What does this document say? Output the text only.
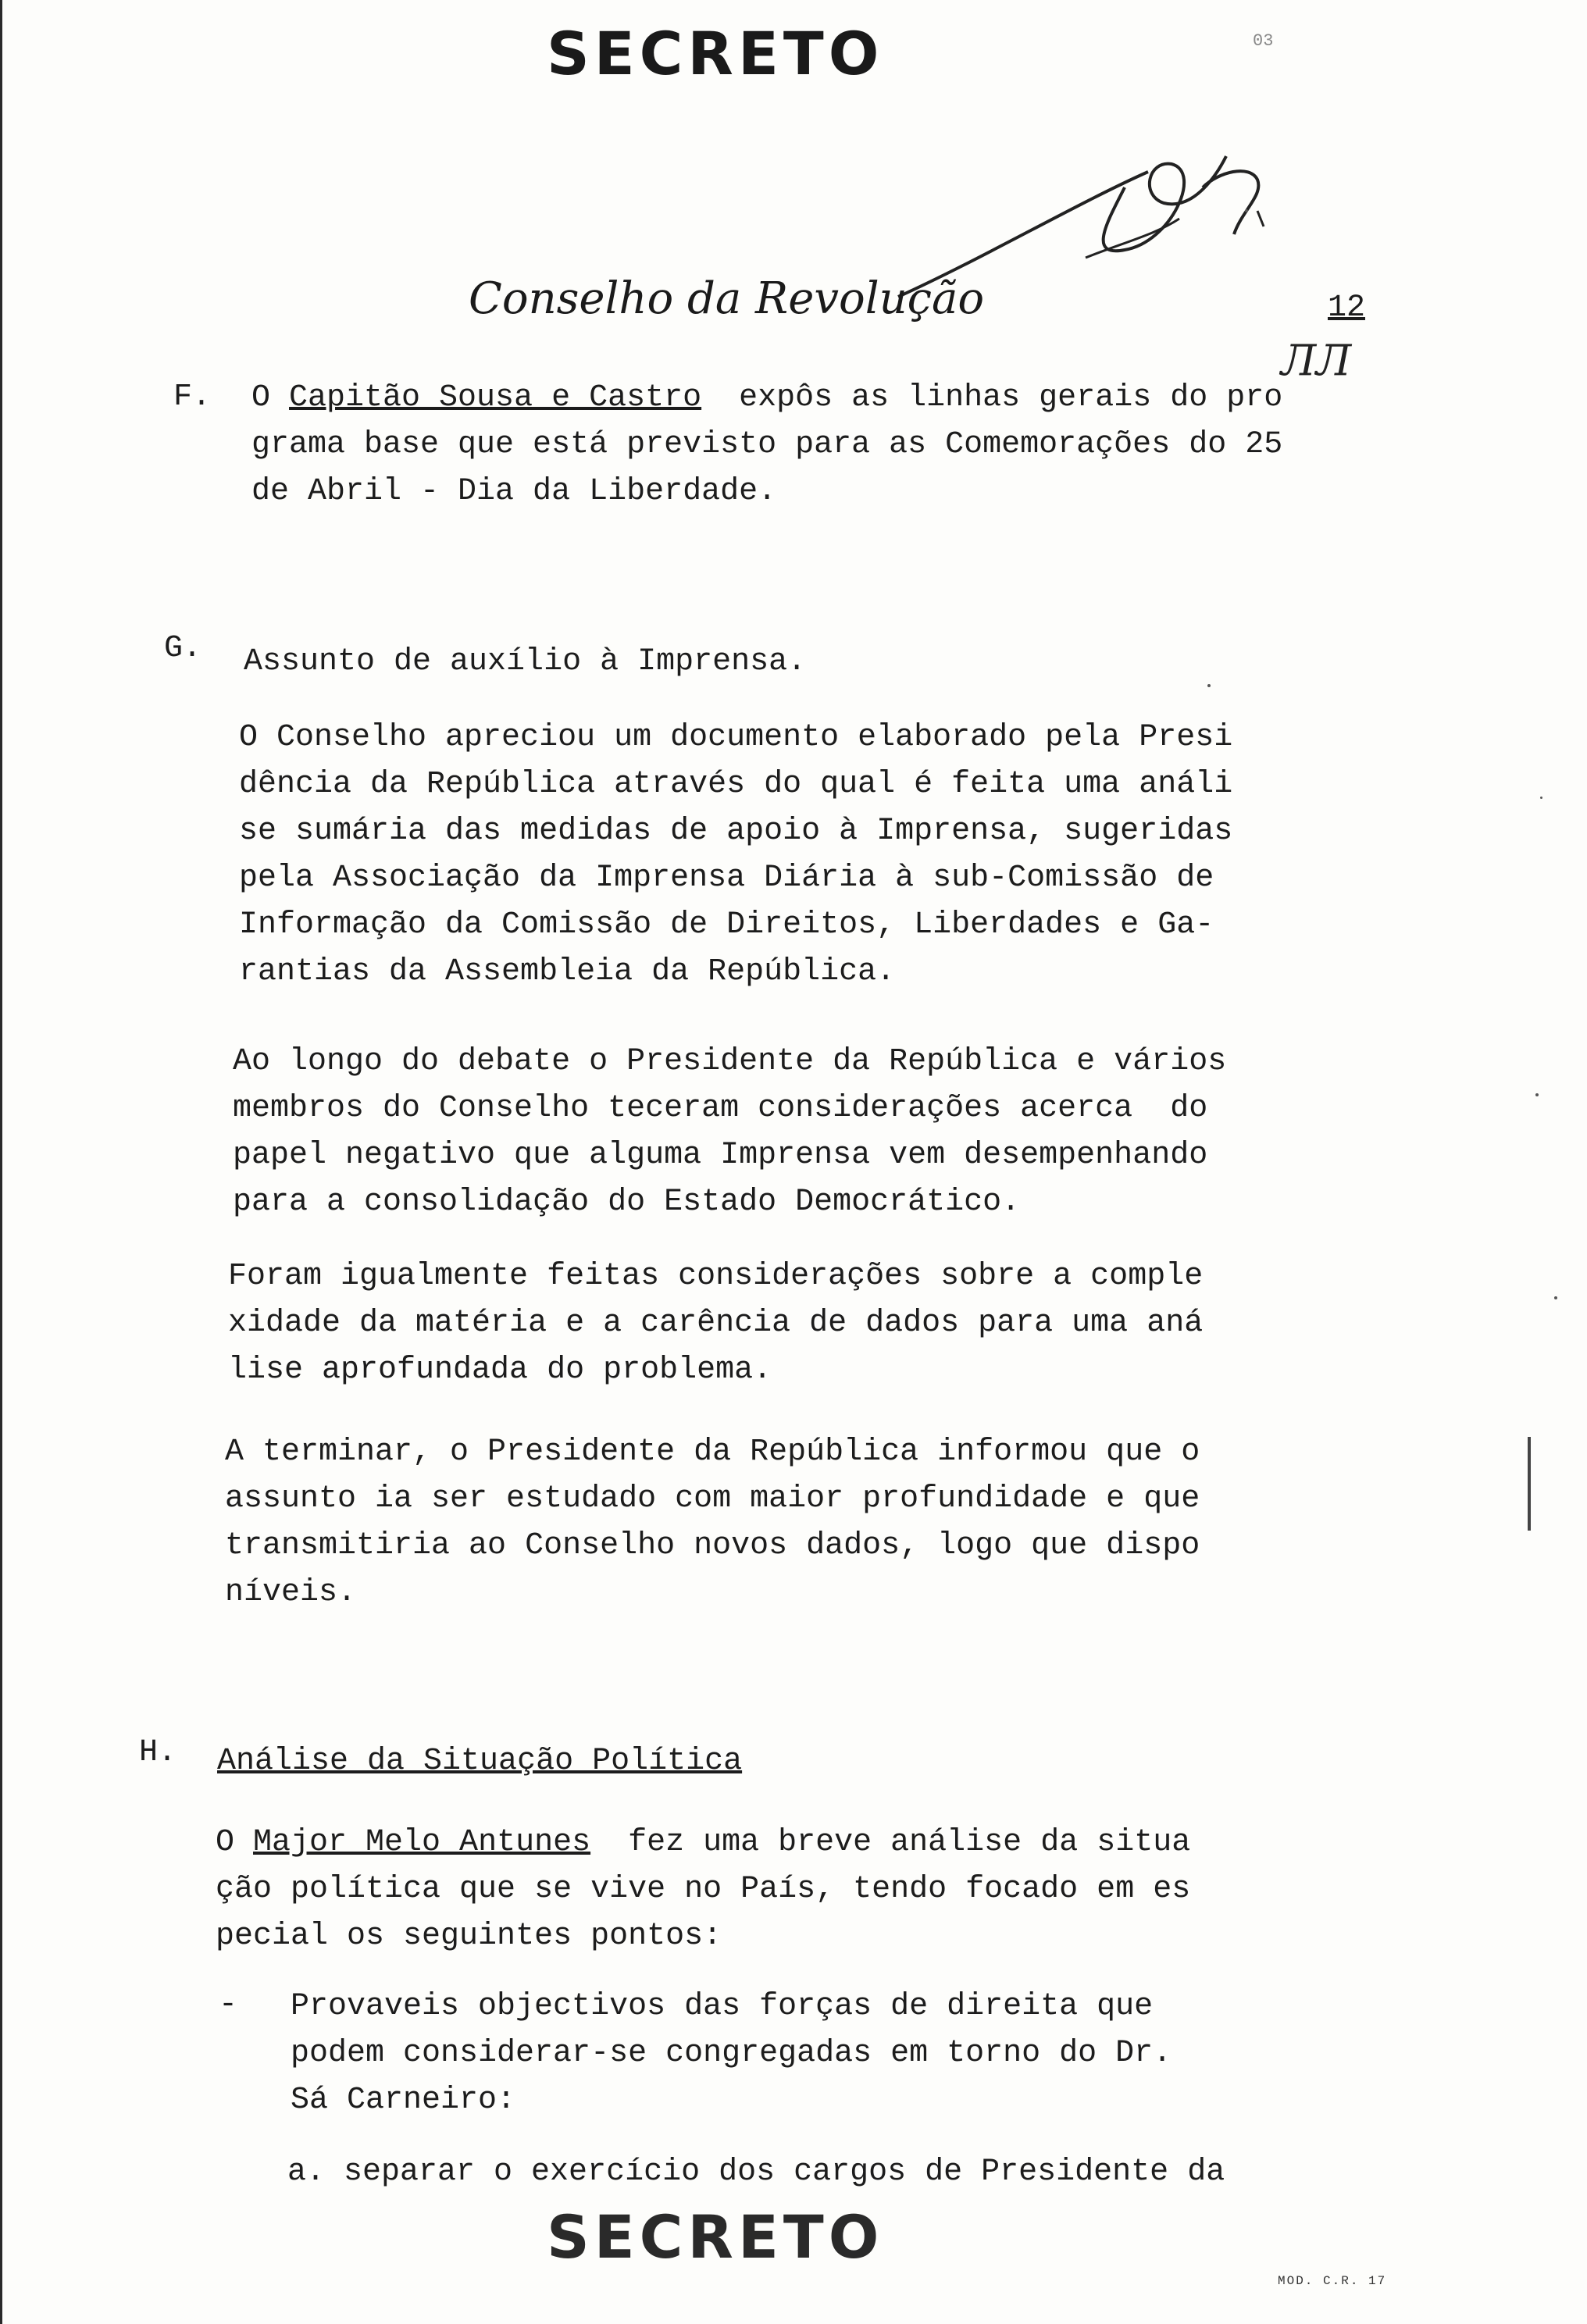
SECRETO	03
Conselho da Revolução	12
ЛЛ
F. O Capitão Sousa e Castro  expôs as linhas gerais do pro

grama base que está previsto para as Comemorações do 25

de Abril - Dia da Liberdade.

G. Assunto de auxílio à Imprensa.

O Conselho apreciou um documento elaborado pela Presi

dência da República através do qual é feita uma análi

se sumária das medidas de apoio à Imprensa, sugeridas

pela Associação da Imprensa Diária à sub-Comissão de

Informação da Comissão de Direitos, Liberdades e Ga-

rantias da Assembleia da República.

Ao longo do debate o Presidente da República e vários

membros do Conselho teceram considerações acerca  do

papel negativo que alguma Imprensa vem desempenhando

para a consolidação do Estado Democrático.

Foram igualmente feitas considerações sobre a comple

xidade da matéria e a carência de dados para uma aná

lise aprofundada do problema.

A terminar, o Presidente da República informou que o

assunto ia ser estudado com maior profundidade e que

transmitiria ao Conselho novos dados, logo que dispo

níveis.

H. Análise da Situação Política

O Major Melo Antunes  fez uma breve análise da situa

ção política que se vive no País, tendo focado em es

pecial os seguintes pontos:

- Provaveis objectivos das forças de direita que

podem considerar-se congregadas em torno do Dr.

Sá Carneiro:

a. separar o exercício dos cargos de Presidente da

SECRETO
MOD. C.R. 17
